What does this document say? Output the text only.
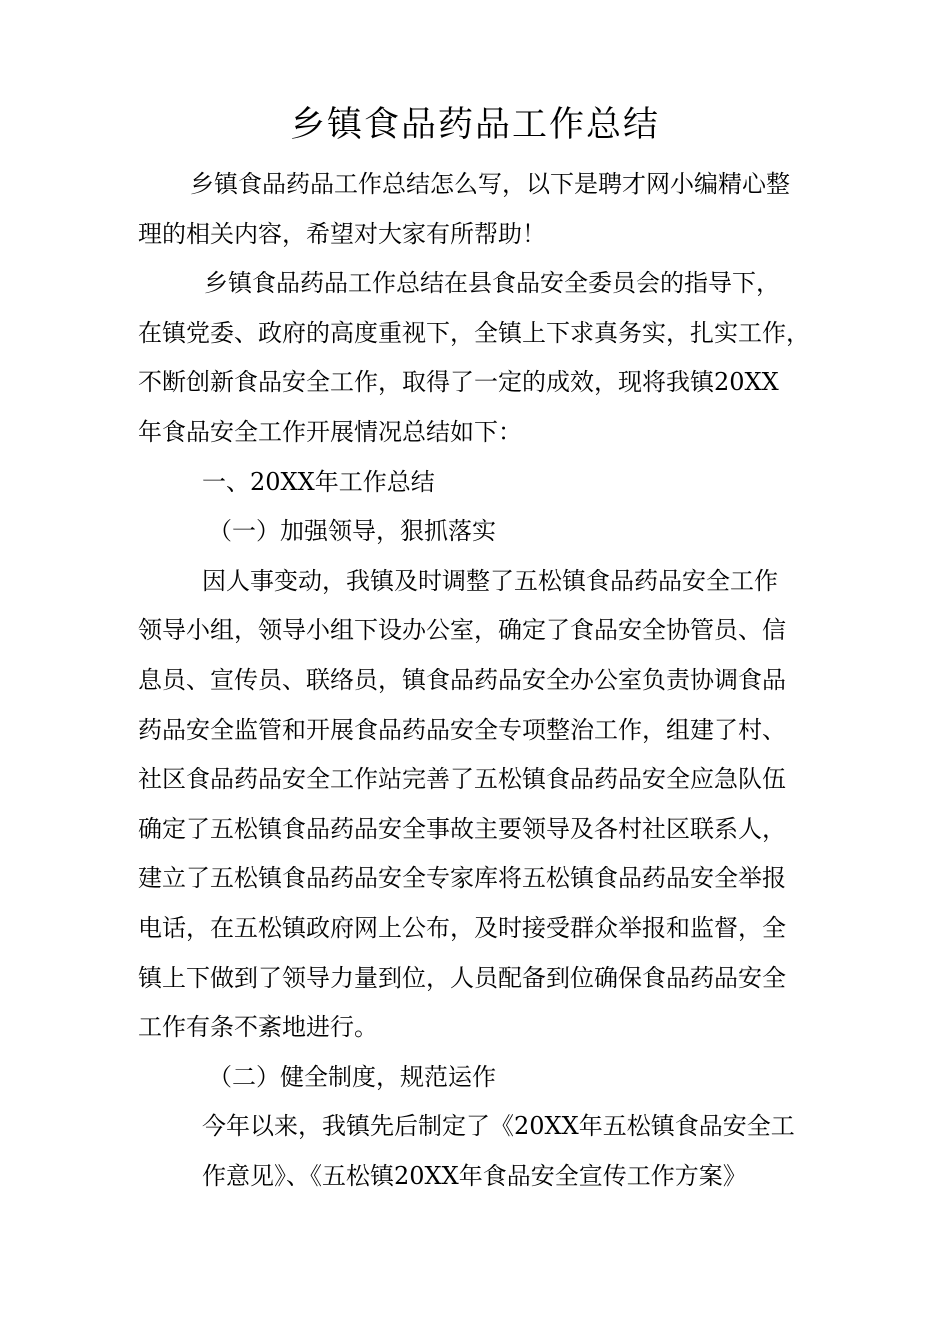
乡镇食品药品工作总结

乡镇食品药品工作总结怎么写，以下是聘才网小编精心整

理的相关内容，希望对大家有所帮助！

乡镇食品药品工作总结在县食品安全委员会的指导下，

在镇党委、政府的高度重视下，全镇上下求真务实，扎实工作，

不断创新食品安全工作，取得了一定的成效，现将我镇20XX

年食品安全工作开展情况总结如下：

一、20XX年工作总结

（一）加强领导，狠抓落实

因人事变动，我镇及时调整了五松镇食品药品安全工作

领导小组，领导小组下设办公室，确定了食品安全协管员、信

息员、宣传员、联络员，镇食品药品安全办公室负责协调食品

药品安全监管和开展食品药品安全专项整治工作，组建了村、

社区食品药品安全工作站完善了五松镇食品药品安全应急队伍

确定了五松镇食品药品安全事故主要领导及各村社区联系人，

建立了五松镇食品药品安全专家库将五松镇食品药品安全举报

电话，在五松镇政府网上公布，及时接受群众举报和监督，全

镇上下做到了领导力量到位，人员配备到位确保食品药品安全

工作有条不紊地进行。

（二）健全制度，规范运作

今年以来，我镇先后制定了《20XX年五松镇食品安全工

作意见》、《五松镇20XX年食品安全宣传工作方案》
